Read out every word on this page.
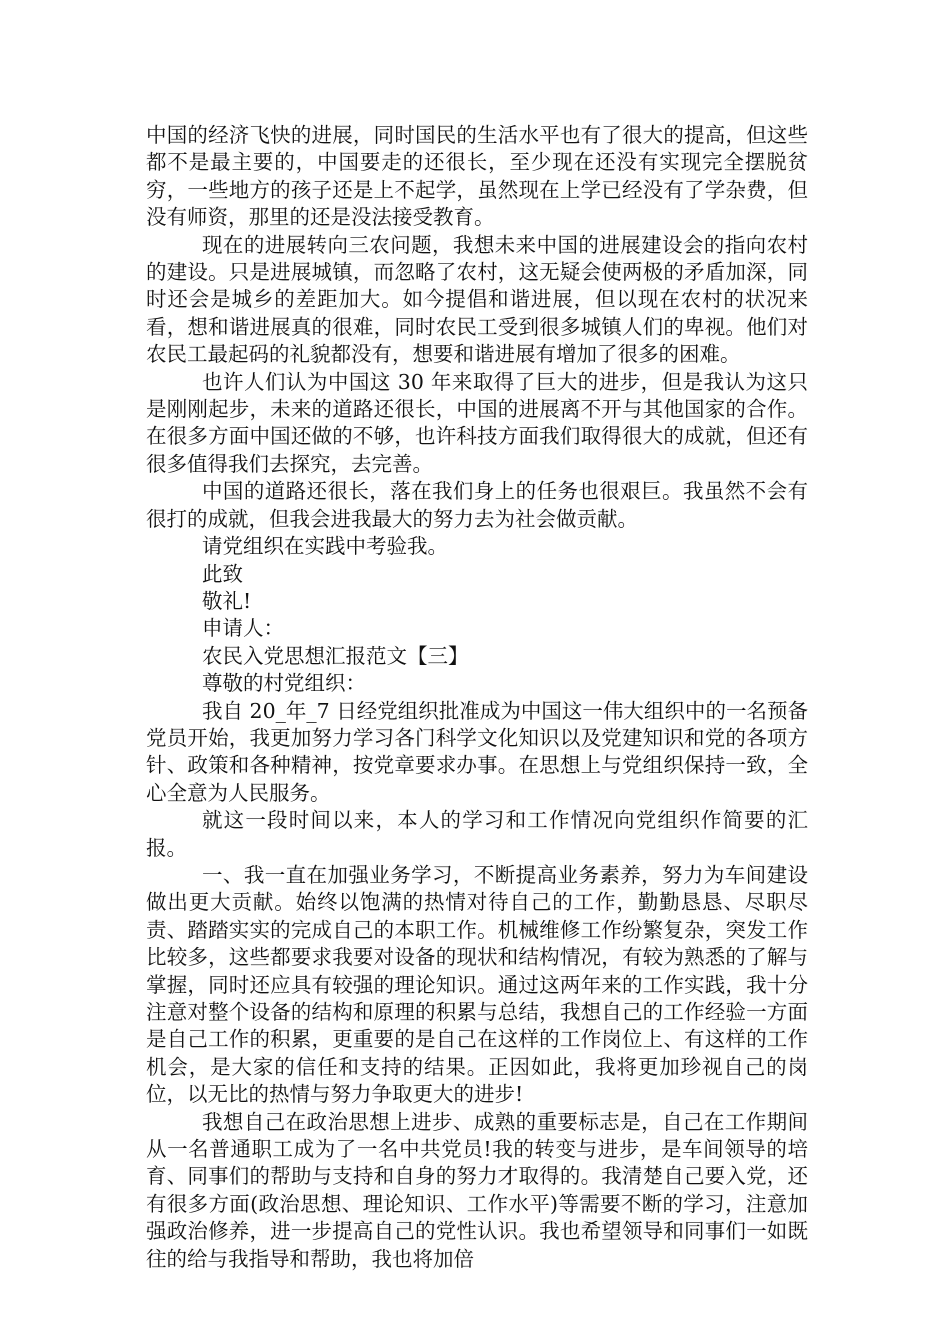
中国的经济飞快的进展，同时国民的生活水平也有了很大的提高，但这些都不是最主要的，中国要走的还很长，至少现在还没有实现完全摆脱贫穷，一些地方的孩子还是上不起学，虽然现在上学已经没有了学杂费，但没有师资，那里的还是没法接受教育。

现在的进展转向三农问题，我想未来中国的进展建设会的指向农村的建设。只是进展城镇，而忽略了农村，这无疑会使两极的矛盾加深，同时还会是城乡的差距加大。如今提倡和谐进展，但以现在农村的状况来看，想和谐进展真的很难，同时农民工受到很多城镇人们的卑视。他们对农民工最起码的礼貌都没有，想要和谐进展有增加了很多的困难。

也许人们认为中国这 30 年来取得了巨大的进步，但是我认为这只是刚刚起步，未来的道路还很长，中国的进展离不开与其他国家的合作。在很多方面中国还做的不够，也许科技方面我们取得很大的成就，但还有很多值得我们去探究，去完善。

中国的道路还很长，落在我们身上的任务也很艰巨。我虽然不会有很打的成就，但我会进我最大的努力去为社会做贡献。

请党组织在实践中考验我。

此致

敬礼!

申请人：

农民入党思想汇报范文【三】

尊敬的村党组织：

我自 20_年_7 日经党组织批准成为中国这一伟大组织中的一名预备党员开始，我更加努力学习各门科学文化知识以及党建知识和党的各项方针、政策和各种精神，按党章要求办事。在思想上与党组织保持一致，全心全意为人民服务。

就这一段时间以来，本人的学习和工作情况向党组织作简要的汇报。

一、我一直在加强业务学习，不断提高业务素养，努力为车间建设做出更大贡献。始终以饱满的热情对待自己的工作，勤勤恳恳、尽职尽责、踏踏实实的完成自己的本职工作。机械维修工作纷繁复杂，突发工作比较多，这些都要求我要对设备的现状和结构情况，有较为熟悉的了解与掌握，同时还应具有较强的理论知识。通过这两年来的工作实践，我十分注意对整个设备的结构和原理的积累与总结，我想自己的工作经验一方面是自己工作的积累，更重要的是自己在这样的工作岗位上、有这样的工作机会，是大家的信任和支持的结果。正因如此，我将更加珍视自己的岗位，以无比的热情与努力争取更大的进步!

我想自己在政治思想上进步、成熟的重要标志是，自己在工作期间从一名普通职工成为了一名中共党员!我的转变与进步，是车间领导的培育、同事们的帮助与支持和自身的努力才取得的。我清楚自己要入党，还有很多方面(政治思想、理论知识、工作水平)等需要不断的学习，注意加强政治修养，进一步提高自己的党性认识。我也希望领导和同事们一如既往的给与我指导和帮助，我也将加倍
